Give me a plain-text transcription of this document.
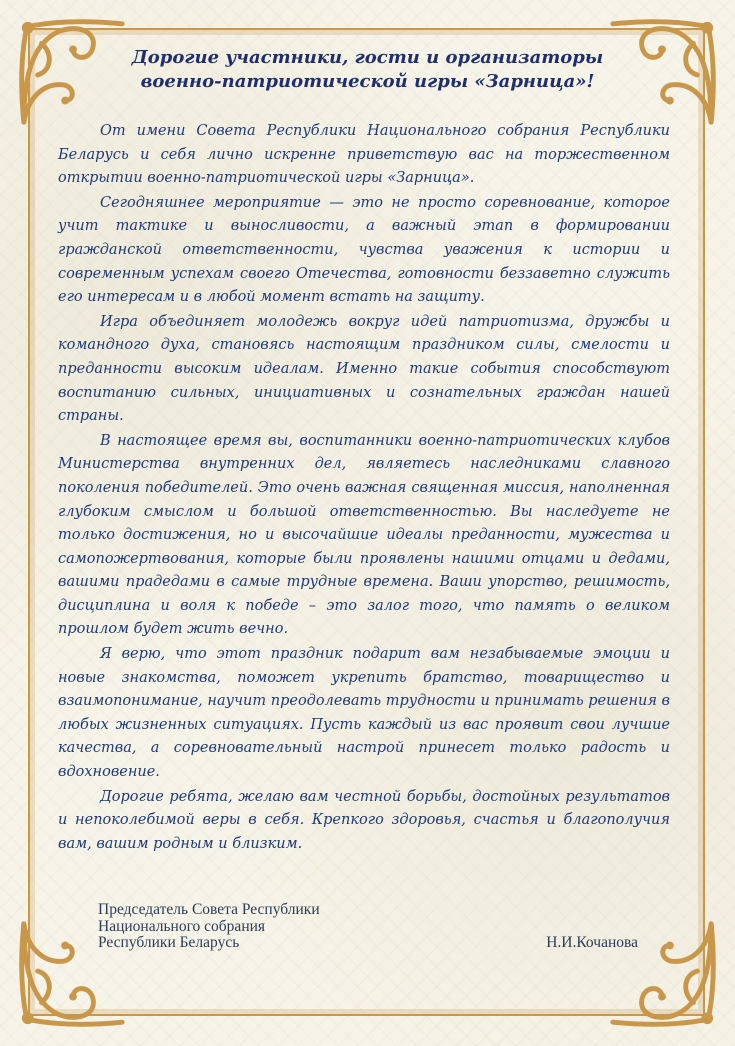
Дорогие участники, гости и организаторы
военно-патриотической игры «Зарница»!

От имени Совета Республики Национального собрания Республики Беларусь и себя лично искренне приветствую вас на торжественном открытии военно-патриотической игры «Зарница».

Сегодняшнее мероприятие — это не просто соревнование, которое учит тактике и выносливости, а важный этап в формировании гражданской ответственности, чувства уважения к истории и современным успехам своего Отечества, готовности беззаветно служить его интересам и в любой момент встать на защиту.

Игра объединяет молодежь вокруг идей патриотизма, дружбы и командного духа, становясь настоящим праздником силы, смелости и преданности высоким идеалам. Именно такие события способствуют воспитанию сильных, инициативных и сознательных граждан нашей страны.

В настоящее время вы, воспитанники военно-патриотических клубов Министерства внутренних дел, являетесь наследниками славного поколения победителей. Это очень важная священная миссия, наполненная глубоким смыслом и большой ответственностью. Вы наследуете не только достижения, но и высочайшие идеалы преданности, мужества и самопожертвования, которые были проявлены нашими отцами и дедами, вашими прадедами в самые трудные времена. Ваши упорство, решимость, дисциплина и воля к победе – это залог того, что память о великом прошлом будет жить вечно.

Я верю, что этот праздник подарит вам незабываемые эмоции и новые знакомства, поможет укрепить братство, товарищество и взаимопонимание, научит преодолевать трудности и принимать решения в любых жизненных ситуациях. Пусть каждый из вас проявит свои лучшие качества, а соревновательный настрой принесет только радость и вдохновение.

Дорогие ребята, желаю вам честной борьбы, достойных результатов и непоколебимой веры в себя. Крепкого здоровья, счастья и благополучия вам, вашим родным и близким.

Председатель Совета Республики
Национального собрания
Республики Беларусь	Н.И.Кочанова
